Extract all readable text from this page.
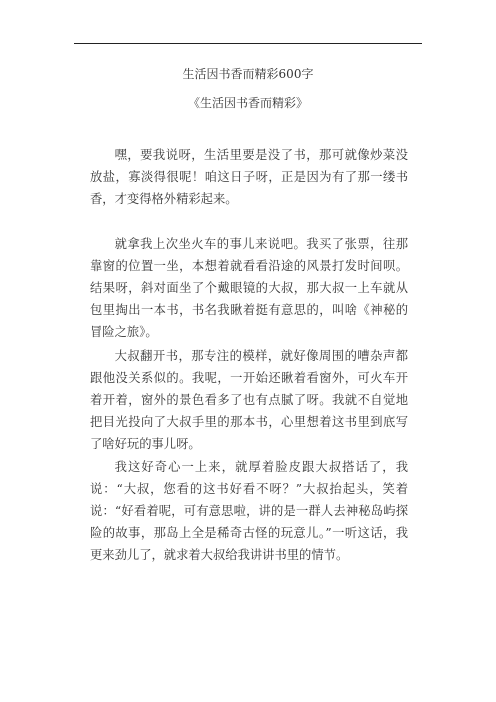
生活因书香而精彩600字
《生活因书香而精彩》

嘿，要我说呀，生活里要是没了书，那可就像炒菜没放盐，寡淡得很呢！咱这日子呀，正是因为有了那一缕书香，才变得格外精彩起来。

就拿我上次坐火车的事儿来说吧。我买了张票，往那靠窗的位置一坐，本想着就看看沿途的风景打发时间呗。结果呀，斜对面坐了个戴眼镜的大叔，那大叔一上车就从包里掏出一本书，书名我瞅着挺有意思的，叫啥《神秘的冒险之旅》。

大叔翻开书，那专注的模样，就好像周围的嘈杂声都跟他没关系似的。我呢，一开始还瞅着看窗外，可火车开着开着，窗外的景色看多了也有点腻了呀。我就不自觉地把目光投向了大叔手里的那本书，心里想着这书里到底写了啥好玩的事儿呀。

我这好奇心一上来，就厚着脸皮跟大叔搭话了，我说：“大叔，您看的这书好看不呀？”大叔抬起头，笑着说：“好看着呢，可有意思啦，讲的是一群人去神秘岛屿探险的故事，那岛上全是稀奇古怪的玩意儿。”一听这话，我更来劲儿了，就求着大叔给我讲讲书里的情节。
